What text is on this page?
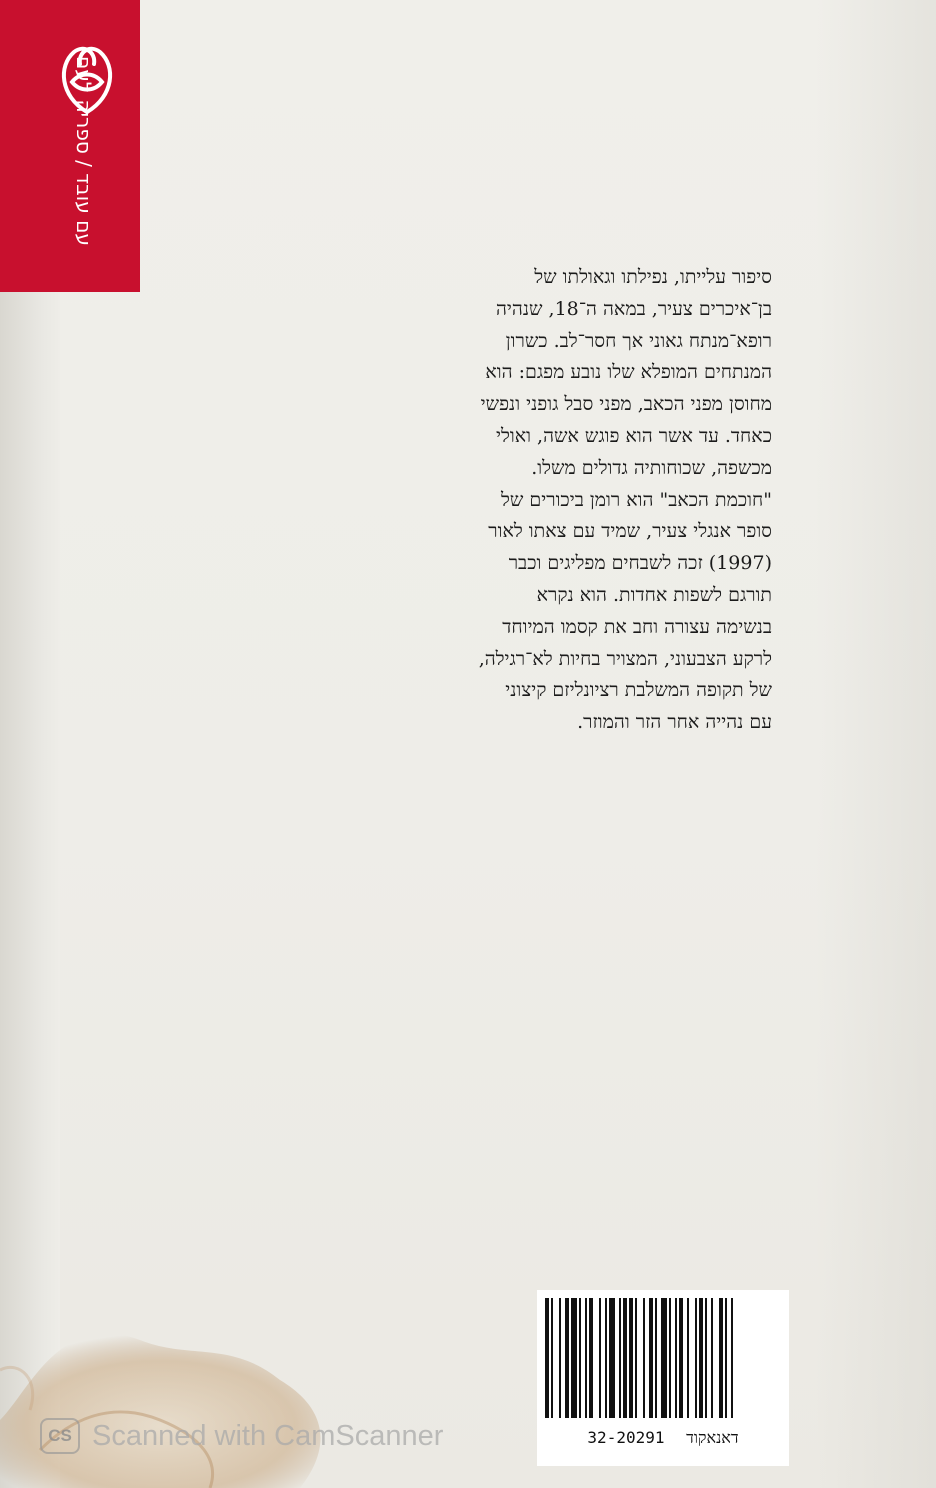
עם עובד / ספריה לעם

סיפור עלייתו, נפילתו וגאולתו של

בן־איכרים צעיר, במאה ה־18, שנהיה

רופא־מנתח גאוני אך חסר־לב. כשרון

המנתחים המופלא שלו נובע מפגם: הוא

מחוסן מפני הכאב, מפני סבל גופני ונפשי

כאחד. עד אשר הוא פוגש אשה, ואולי

מכשפה, שכוחותיה גדולים משלו.

"חוכמת הכאב" הוא רומן ביכורים של

סופר אנגלי צעיר, שמיד עם צאתו לאור

(1997) זכה לשבחים מפליגים וכבר

תורגם לשפות אחדות. הוא נקרא

בנשימה עצורה וחב את קסמו המיוחד

לרקע הצבעוני, המצויר בחיות לא־רגילה,

של תקופה המשלבת רציונליזם קיצוני

עם נהייה אחר הזר והמוזר.

דאנאקוד 32-20291
CS Scanned with CamScanner
